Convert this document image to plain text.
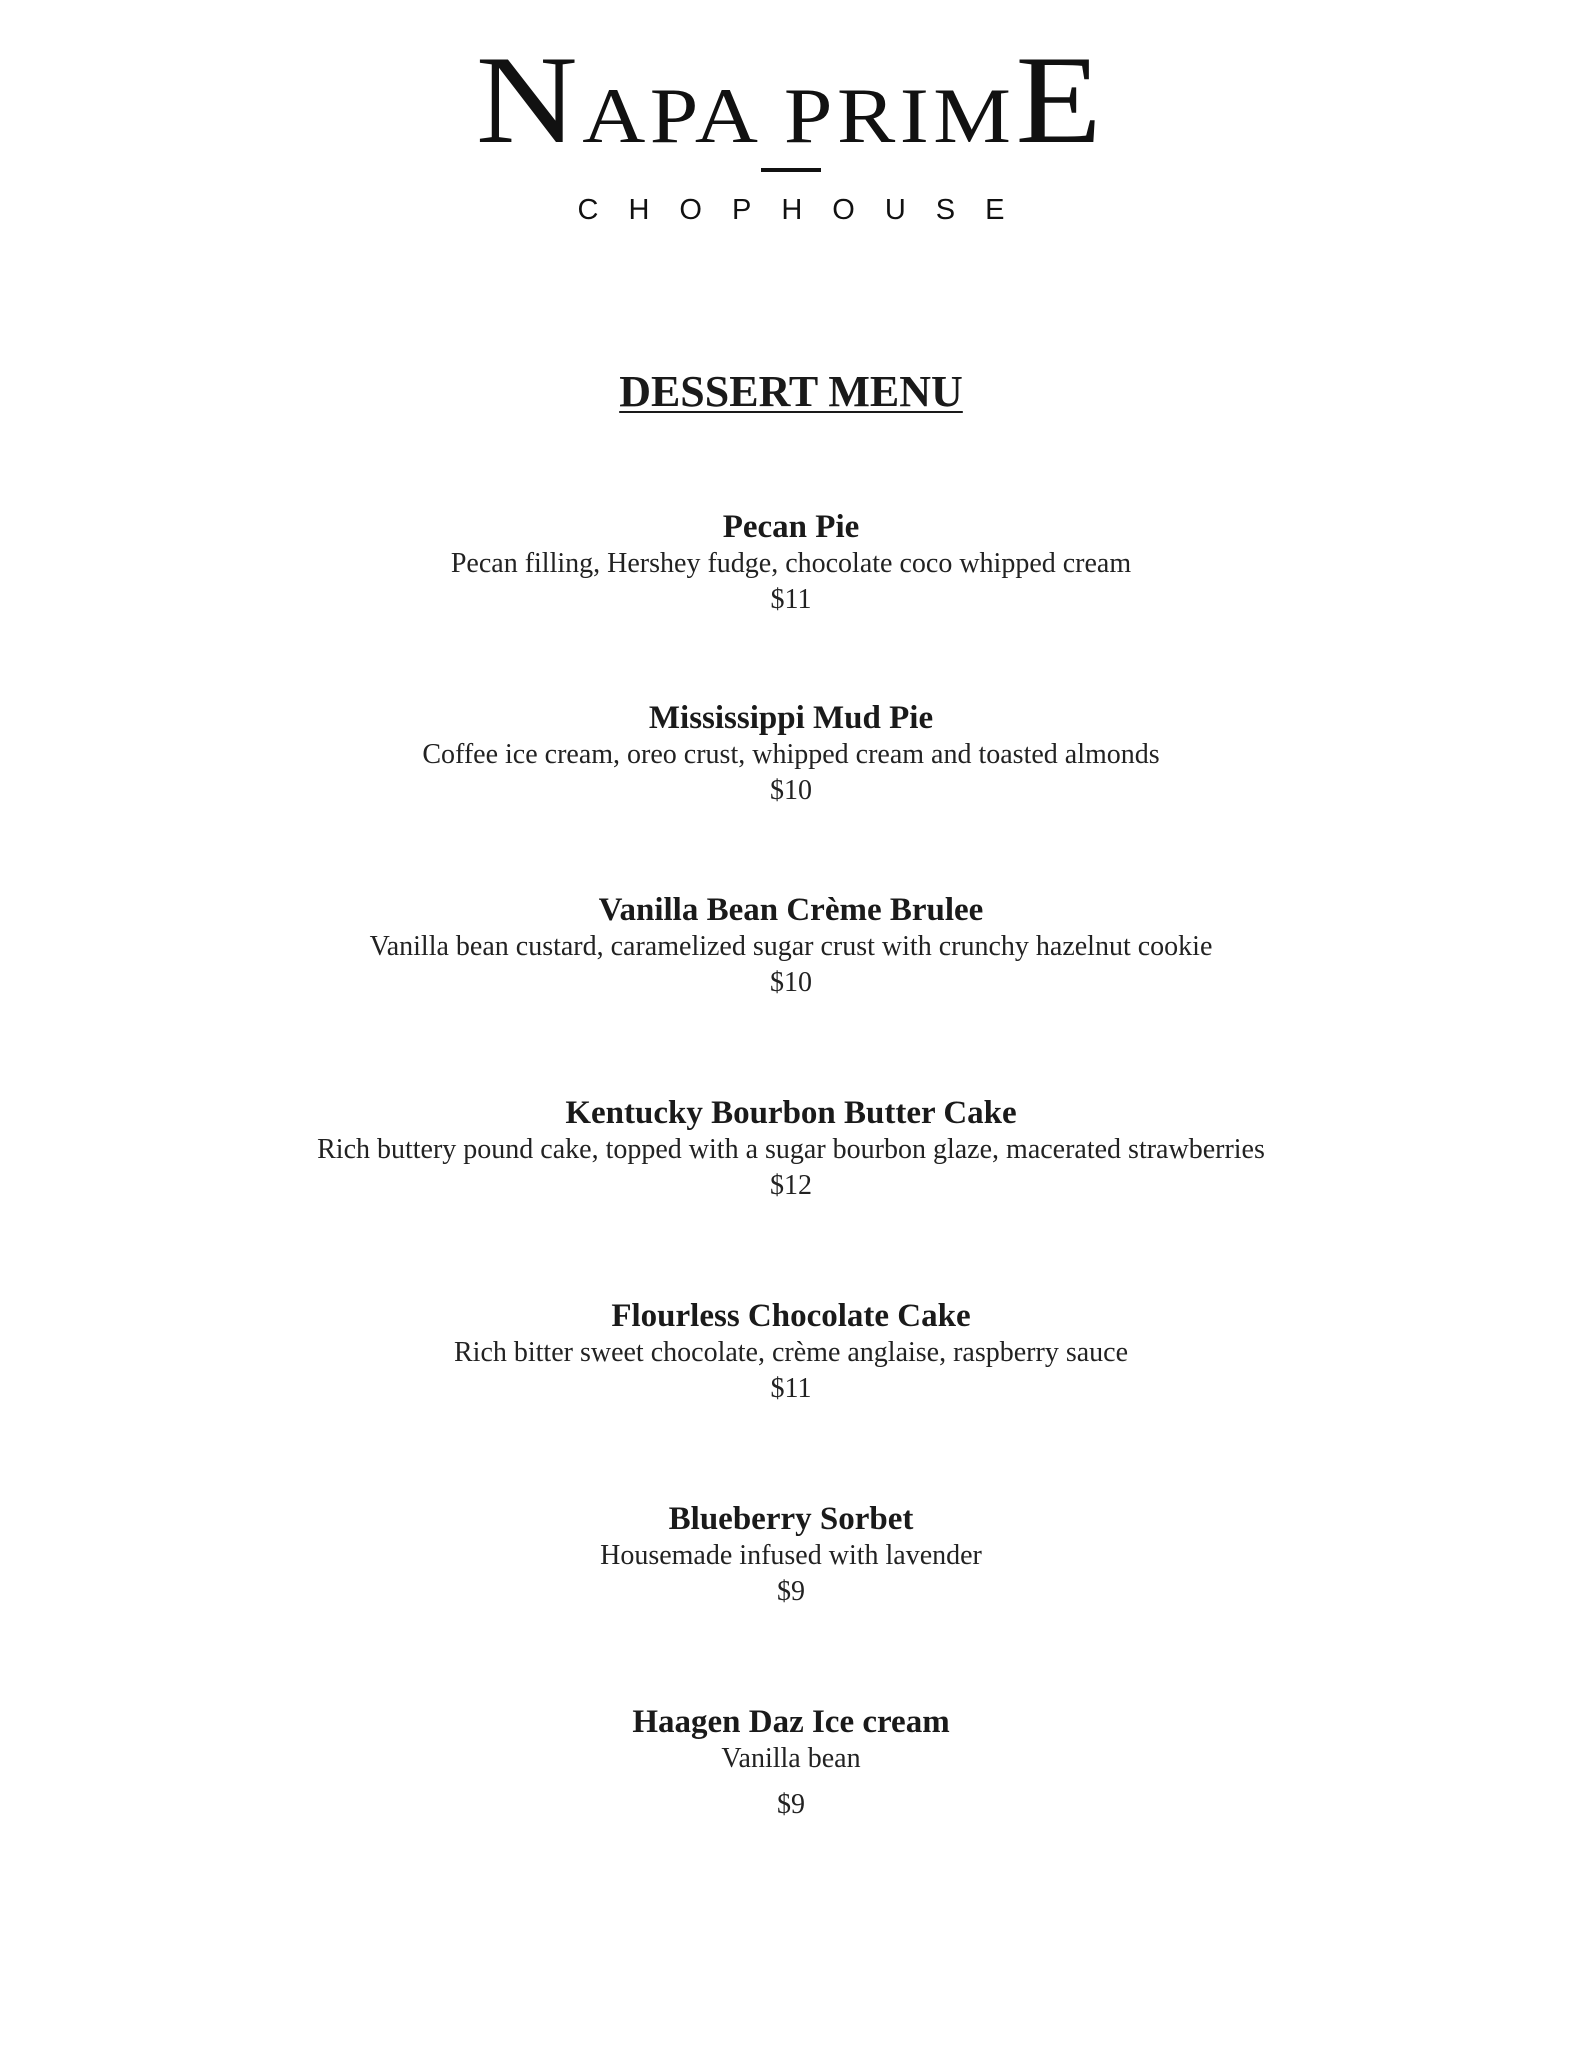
NAPA PRIME
CHOPHOUSE
DESSERT MENU
Pecan Pie
Pecan filling, Hershey fudge, chocolate coco whipped cream
$11
Mississippi Mud Pie
Coffee ice cream, oreo crust, whipped cream and toasted almonds
$10
Vanilla Bean Crème Brulee
Vanilla bean custard, caramelized sugar crust with crunchy hazelnut cookie
$10
Kentucky Bourbon Butter Cake
Rich buttery pound cake, topped with a sugar bourbon glaze, macerated strawberries
$12
Flourless Chocolate Cake
Rich bitter sweet chocolate, crème anglaise, raspberry sauce
$11
Blueberry Sorbet
Housemade infused with lavender
$9
Haagen Daz Ice cream
Vanilla bean
$9
